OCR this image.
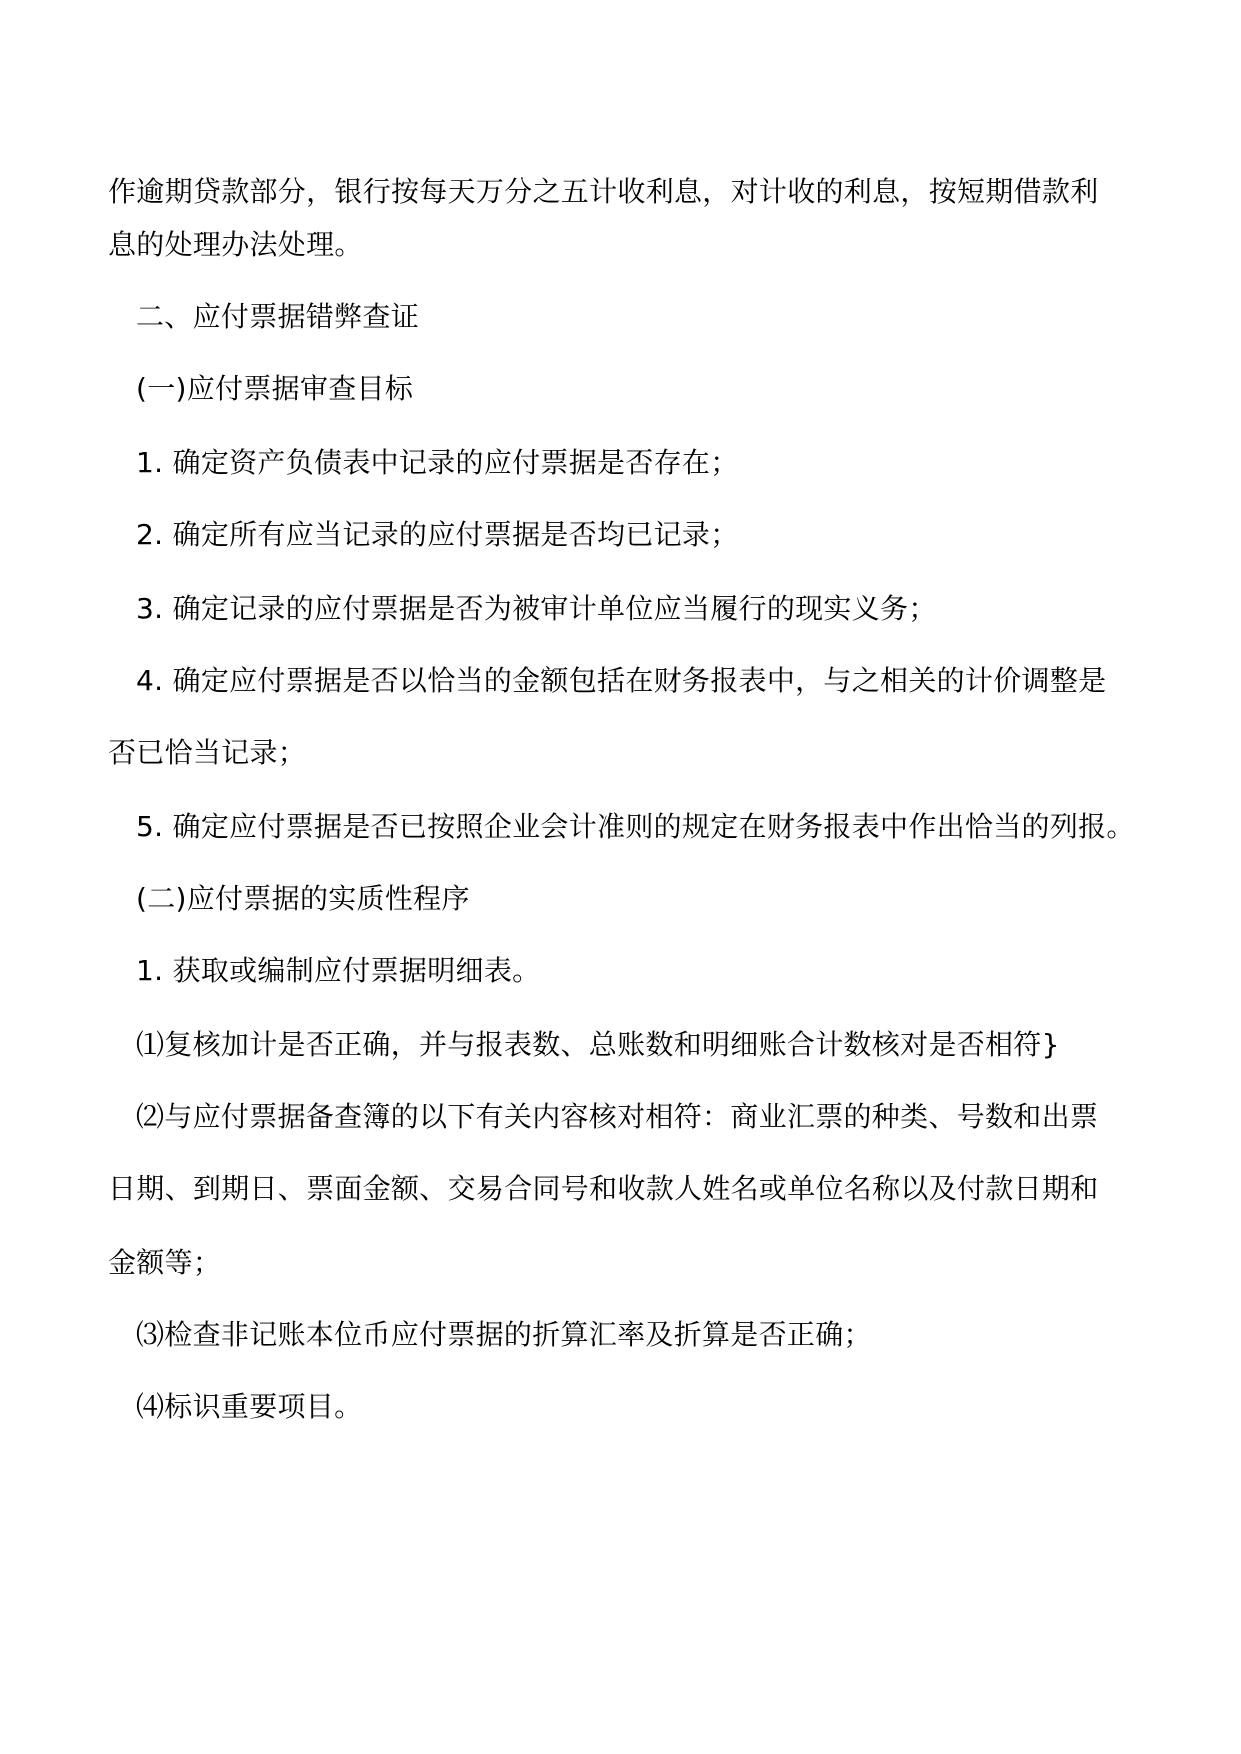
作逾期贷款部分，银行按每天万分之五计收利息，对计收的利息，按短期借款利
息的处理办法处理。
二、应付票据错弊查证
(一)应付票据审查目标
1. 确定资产负债表中记录的应付票据是否存在；
2. 确定所有应当记录的应付票据是否均已记录；
3. 确定记录的应付票据是否为被审计单位应当履行的现实义务；
4. 确定应付票据是否以恰当的金额包括在财务报表中，与之相关的计价调整是
否已恰当记录；
5. 确定应付票据是否已按照企业会计准则的规定在财务报表中作出恰当的列报。
(二)应付票据的实质性程序
1. 获取或编制应付票据明细表。
⑴复核加计是否正确，并与报表数、总账数和明细账合计数核对是否相符}
⑵与应付票据备查簿的以下有关内容核对相符：商业汇票的种类、号数和出票
日期、到期日、票面金额、交易合同号和收款人姓名或单位名称以及付款日期和
金额等；
⑶检查非记账本位币应付票据的折算汇率及折算是否正确；
⑷标识重要项目。
